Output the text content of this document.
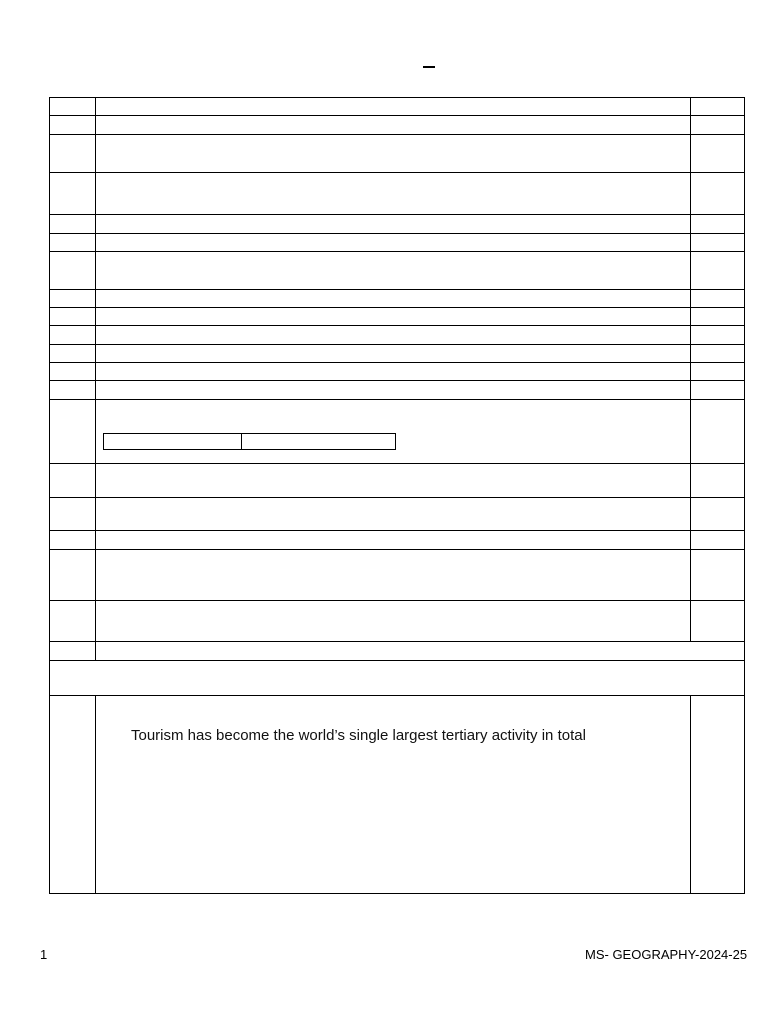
Tourism has become the world’s single largest tertiary activity in total
1	MS- GEOGRAPHY-2024-25
